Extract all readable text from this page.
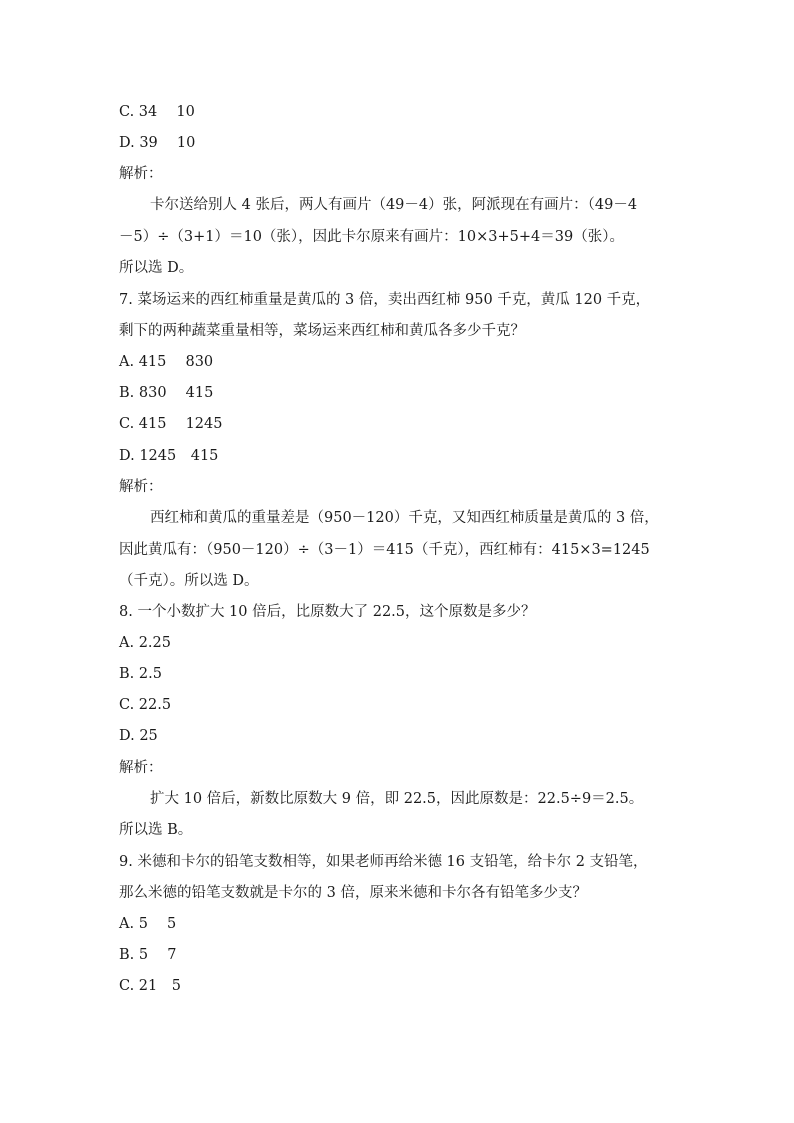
C. 34　 10
D. 39　 10
解析：
卡尔送给别人 4 张后，两人有画片（49－4）张，阿派现在有画片：（49－4
－5）÷（3+1）＝10（张），因此卡尔原来有画片：10×3+5+4＝39（张）。
所以选 D。
7. 菜场运来的西红柿重量是黄瓜的 3 倍，卖出西红柿 950 千克，黄瓜 120 千克，
剩下的两种蔬菜重量相等，菜场运来西红柿和黄瓜各多少千克？
A. 415　 830
B. 830　 415
C. 415　 1245
D. 1245　415
解析：
西红柿和黄瓜的重量差是（950－120）千克，又知西红柿质量是黄瓜的 3 倍，
因此黄瓜有：（950－120）÷（3－1）＝415（千克），西红柿有：415×3=1245
（千克）。所以选 D。
8. 一个小数扩大 10 倍后，比原数大了 22.5，这个原数是多少？
A. 2.25
B. 2.5
C. 22.5
D. 25
解析：
扩大 10 倍后，新数比原数大 9 倍，即 22.5，因此原数是：22.5÷9＝2.5。
所以选 B。
9. 米德和卡尔的铅笔支数相等，如果老师再给米德 16 支铅笔，给卡尔 2 支铅笔，
那么米德的铅笔支数就是卡尔的 3 倍，原来米德和卡尔各有铅笔多少支？
A. 5　 5
B. 5　 7
C. 21　5
